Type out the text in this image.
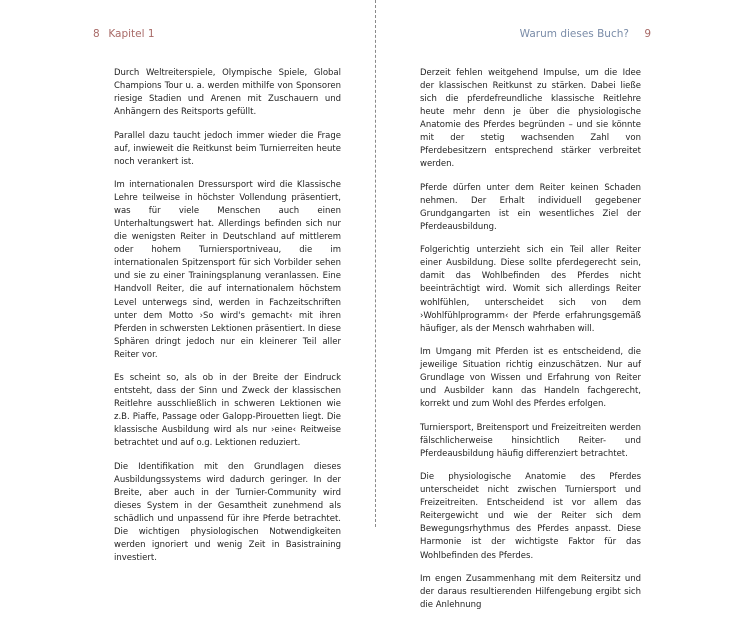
8 Kapitel 1

Durch Weltreiterspiele, Olympische Spiele, Global Champions Tour u. a. werden mithilfe von Sponsoren riesige Stadien und Arenen mit Zuschauern und Anhängern des Reitsports gefüllt.

Parallel dazu taucht jedoch immer wieder die Frage auf, inwieweit die Reitkunst beim Turnierreiten heute noch verankert ist.

Im internationalen Dressursport wird die Klassische Lehre teilweise in höchster Vollendung präsentiert, was für viele Menschen auch einen Unterhaltungswert hat. Allerdings befinden sich nur die wenigsten Reiter in Deutschland auf mittlerem oder hohem Turniersportniveau, die im internationalen Spitzensport für sich Vorbilder sehen und sie zu einer Trainingsplanung veranlassen. Eine Handvoll Reiter, die auf internationalem höchstem Level unterwegs sind, werden in Fachzeitschriften unter dem Motto ›So wird's gemacht‹ mit ihren Pferden in schwersten Lektionen präsentiert. In diese Sphären dringt jedoch nur ein kleinerer Teil aller Reiter vor.

Es scheint so, als ob in der Breite der Eindruck entsteht, dass der Sinn und Zweck der klassischen Reitlehre ausschließlich in schweren Lektionen wie z.B. Piaffe, Passage oder Galopp-Pirouetten liegt. Die klassische Ausbildung wird als nur ›eine‹ Reitweise betrachtet und auf o.g. Lektionen reduziert.

Die Identifikation mit den Grundlagen dieses Ausbildungssystems wird dadurch geringer. In der Breite, aber auch in der Turnier-Community wird dieses System in der Gesamtheit zunehmend als schädlich und unpassend für ihre Pferde betrachtet. Die wichtigen physiologischen Notwendigkeiten werden ignoriert und wenig Zeit in Basistraining investiert.

Warum dieses Buch? 9

Derzeit fehlen weitgehend Impulse, um die Idee der klassischen Reitkunst zu stärken. Dabei ließe sich die pferdefreundliche klassische Reitlehre heute mehr denn je über die physiologische Anatomie des Pferdes begründen – und sie könnte mit der stetig wachsenden Zahl von Pferdebesitzern entsprechend stärker verbreitet werden.

Pferde dürfen unter dem Reiter keinen Schaden nehmen. Der Erhalt individuell gegebener Grundgangarten ist ein wesentliches Ziel der Pferdeausbildung.

Folgerichtig unterzieht sich ein Teil aller Reiter einer Ausbildung. Diese sollte pferdegerecht sein, damit das Wohlbefinden des Pferdes nicht beeinträchtigt wird. Womit sich allerdings Reiter wohlfühlen, unterscheidet sich von dem ›Wohlfühlprogramm‹ der Pferde erfahrungsgemäß häufiger, als der Mensch wahrhaben will.

Im Umgang mit Pferden ist es entscheidend, die jeweilige Situation richtig einzuschätzen. Nur auf Grundlage von Wissen und Erfahrung von Reiter und Ausbilder kann das Handeln fachgerecht, korrekt und zum Wohl des Pferdes erfolgen.

Turniersport, Breitensport und Freizeitreiten werden fälschlicherweise hinsichtlich Reiter- und Pferdeausbildung häufig differenziert betrachtet.

Die physiologische Anatomie des Pferdes unterscheidet nicht zwischen Turniersport und Freizeitreiten. Entscheidend ist vor allem das Reitergewicht und wie der Reiter sich dem Bewegungsrhythmus des Pferdes anpasst. Diese Harmonie ist der wichtigste Faktor für das Wohlbefinden des Pferdes.

Im engen Zusammenhang mit dem Reitersitz und der daraus resultierenden Hilfengebung ergibt sich die Anlehnung
